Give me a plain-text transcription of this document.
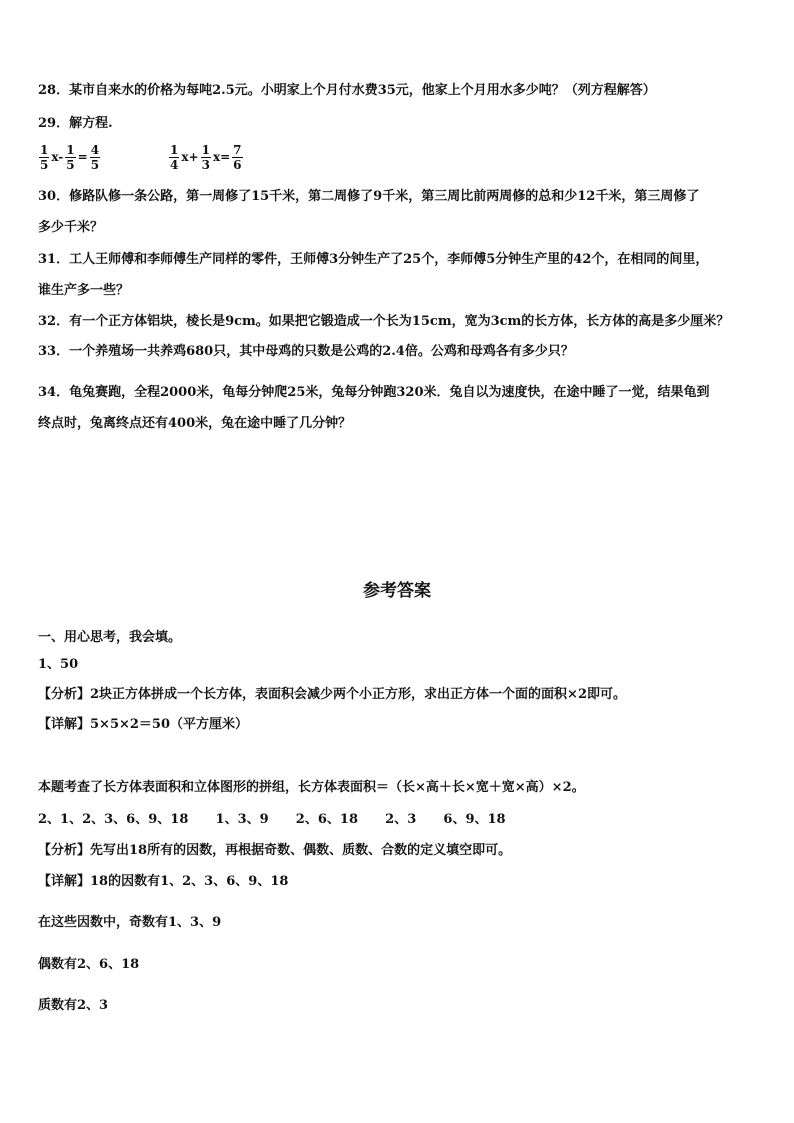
28．某市自来水的价格为每吨2.5元。小明家上个月付水费35元，他家上个月用水多少吨？（列方程解答）
29．解方程.
$\frac{1}{5} x- \frac{1}{5} = \frac{4}{5}$	$\frac{1}{4} x+ \frac{1}{3} x= \frac{7}{6}$
30．修路队修一条公路，第一周修了15千米，第二周修了9千米，第三周比前两周修的总和少12千米，第三周修了
多少千米？
31．工人王师傅和李师傅生产同样的零件，王师傅3分钟生产了25个，李师傅5分钟生产里的42个，在相同的间里，
谁生产多一些？
32．有一个正方体铝块，棱长是9cm。如果把它锻造成一个长为15cm，宽为3cm的长方体，长方体的高是多少厘米？
33．一个养殖场一共养鸡680只，其中母鸡的只数是公鸡的2.4倍。公鸡和母鸡各有多少只？
34．龟兔赛跑，全程2000米，龟每分钟爬25米，兔每分钟跑320米．兔自以为速度快，在途中睡了一觉，结果龟到
终点时，兔离终点还有400米，兔在途中睡了几分钟？
参考答案
一、用心思考，我会填。
1、50
【分析】2块正方体拼成一个长方体，表面积会减少两个小正方形，求出正方体一个面的面积×2即可。
【详解】5×5×2＝50（平方厘米）
本题考查了长方体表面积和立体图形的拼组，长方体表面积＝（长×高＋长×宽＋宽×高）×2。
2、1、2、3、6、9、18      1、3、9      2、6、18      2、3      6、9、18
【分析】先写出18所有的因数，再根据奇数、偶数、质数、合数的定义填空即可。
【详解】18的因数有1、2、3、6、9、18
在这些因数中，奇数有1、3、9
偶数有2、6、18
质数有2、3
